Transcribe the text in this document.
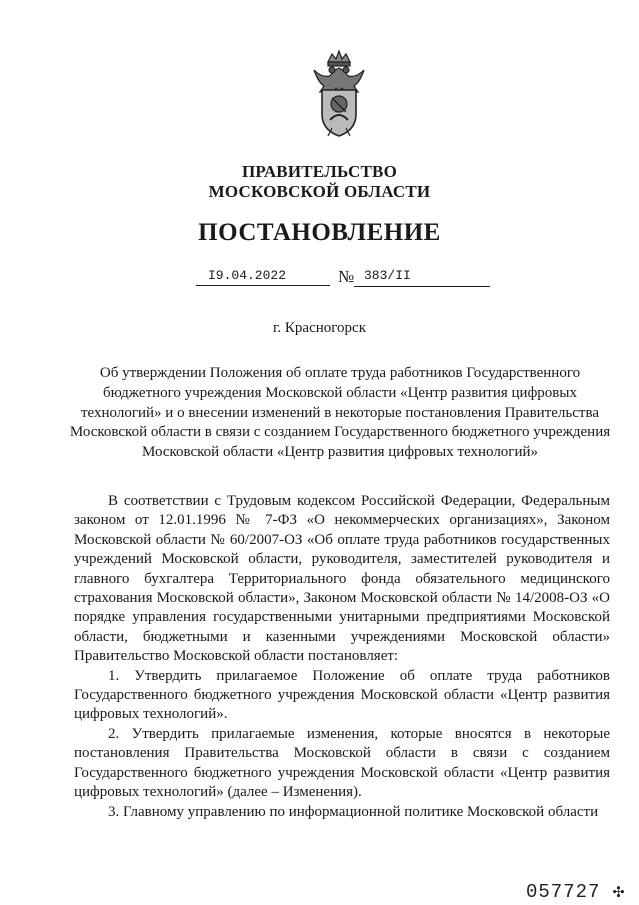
ПРАВИТЕЛЬСТВО
МОСКОВСКОЙ ОБЛАСТИ
ПОСТАНОВЛЕНИЕ
I9.04.2022	№ 383/II
г. Красногорск
Об утверждении Положения об оплате труда работников Государственного бюджетного учреждения Московской области «Центр развития цифровых технологий» и о внесении изменений в некоторые постановления Правительства Московской области в связи с созданием Государственного бюджетного учреждения Московской области «Центр развития цифровых технологий»

В соответствии с Трудовым кодексом Российской Федерации, Федеральным законом от 12.01.1996 № 7-ФЗ «О некоммерческих организациях», Законом Московской области № 60/2007-ОЗ «Об оплате труда работников государственных учреждений Московской области, руководителя, заместителей руководителя и главного бухгалтера Территориального фонда обязательного медицинского страхования Московской области», Законом Московской области № 14/2008-ОЗ «О порядке управления государственными унитарными предприятиями Московской области, бюджетными и казенными учреждениями Московской области» Правительство Московской области постановляет:

1. Утвердить прилагаемое Положение об оплате труда работников Государственного бюджетного учреждения Московской области «Центр развития цифровых технологий».

2. Утвердить прилагаемые изменения, которые вносятся в некоторые постановления Правительства Московской области в связи с созданием Государственного бюджетного учреждения Московской области «Центр развития цифровых технологий» (далее – Изменения).

3. Главному управлению по информационной политике Московской области

057727 ✣
